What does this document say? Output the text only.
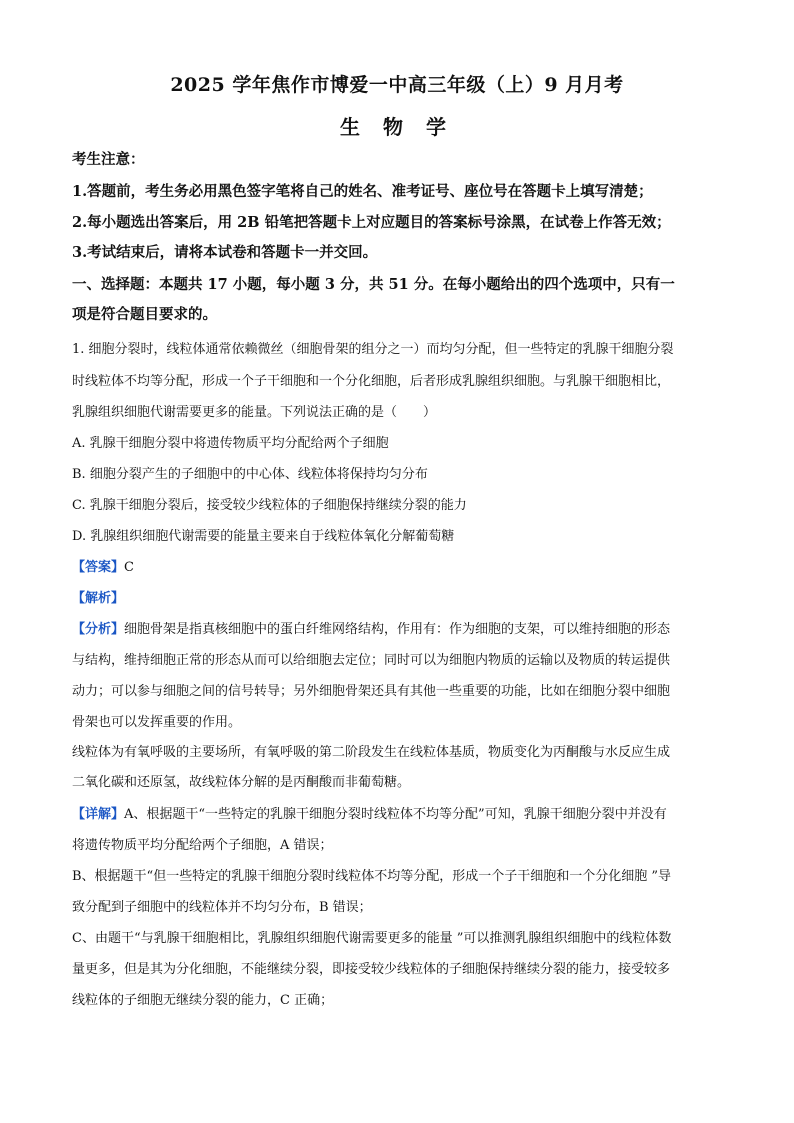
2025 学年焦作市博爱一中高三年级（上）9 月月考
生 物 学
考生注意：
1.答题前，考生务必用黑色签字笔将自己的姓名、准考证号、座位号在答题卡上填写清楚；
2.每小题选出答案后，用 2B 铅笔把答题卡上对应题目的答案标号涂黑，在试卷上作答无效；
3.考试结束后，请将本试卷和答题卡一并交回。
一、选择题：本题共 17 小题，每小题 3 分，共 51 分。在每小题给出的四个选项中，只有一
项是符合题目要求的。
1. 细胞分裂时，线粒体通常依赖微丝（细胞骨架的组分之一）而均匀分配，但一些特定的乳腺干细胞分裂
时线粒体不均等分配，形成一个子干细胞和一个分化细胞，后者形成乳腺组织细胞。与乳腺干细胞相比，
乳腺组织细胞代谢需要更多的能量。下列说法正确的是（　　）
A. 乳腺干细胞分裂中将遗传物质平均分配给两个子细胞
B. 细胞分裂产生的子细胞中的中心体、线粒体将保持均匀分布
C. 乳腺干细胞分裂后，接受较少线粒体的子细胞保持继续分裂的能力
D. 乳腺组织细胞代谢需要的能量主要来自于线粒体氧化分解葡萄糖
【答案】C
【解析】
【分析】细胞骨架是指真核细胞中的蛋白纤维网络结构，作用有：作为细胞的支架，可以维持细胞的形态
与结构，维持细胞正常的形态从而可以给细胞去定位；同时可以为细胞内物质的运输以及物质的转运提供
动力；可以参与细胞之间的信号转导；另外细胞骨架还具有其他一些重要的功能，比如在细胞分裂中细胞
骨架也可以发挥重要的作用。
线粒体为有氧呼吸的主要场所，有氧呼吸的第二阶段发生在线粒体基质，物质变化为丙酮酸与水反应生成
二氧化碳和还原氢，故线粒体分解的是丙酮酸而非葡萄糖。
【详解】A、根据题干“一些特定的乳腺干细胞分裂时线粒体不均等分配”可知，乳腺干细胞分裂中并没有
将遗传物质平均分配给两个子细胞，A 错误；
B、根据题干“但一些特定的乳腺干细胞分裂时线粒体不均等分配，形成一个子干细胞和一个分化细胞 ”导
致分配到子细胞中的线粒体并不均匀分布，B 错误；
C、由题干“与乳腺干细胞相比，乳腺组织细胞代谢需要更多的能量 ”可以推测乳腺组织细胞中的线粒体数
量更多，但是其为分化细胞，不能继续分裂，即接受较少线粒体的子细胞保持继续分裂的能力，接受较多
线粒体的子细胞无继续分裂的能力，C 正确；
